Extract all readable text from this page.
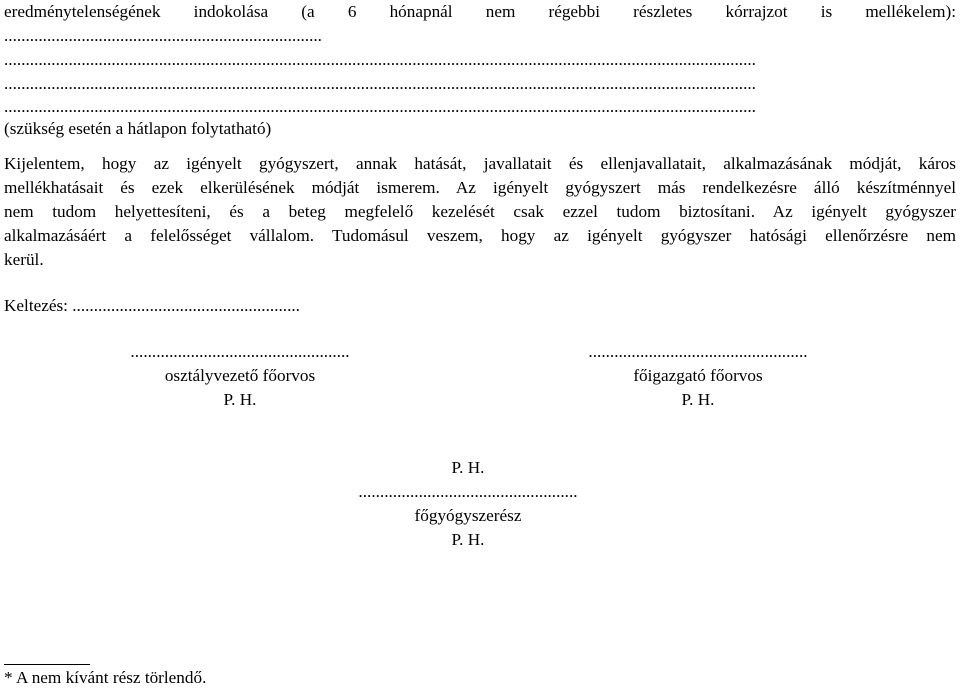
eredménytelenségének indokolása (a 6 hónapnál nem régebbi részletes kórrajzot is mellékelem):
..........................................................................
...............................................................................................................................................................................
...............................................................................................................................................................................
...............................................................................................................................................................................
(szükség esetén a hátlapon folytatható)
Kijelentem, hogy az igényelt gyógyszert, annak hatását, javallatait és ellenjavallatait, alkalmazásának módját, káros
mellékhatásait és ezek elkerülésének módját ismerem. Az igényelt gyógyszert más rendelkezésre álló készítménnyel
nem tudom helyettesíteni, és a beteg megfelelő kezelését csak ezzel tudom biztosítani. Az igényelt gyógyszer
alkalmazásáért a felelősséget vállalom. Tudomásul veszem, hogy az igényelt gyógyszer hatósági ellenőrzésre nem
kerül.
Keltezés: .....................................................
...................................................
osztályvezető főorvos
P. H.
...................................................
főigazgató főorvos
P. H.
P. H.
...................................................
főgyógyszerész
P. H.
* A nem kívánt rész törlendő.
